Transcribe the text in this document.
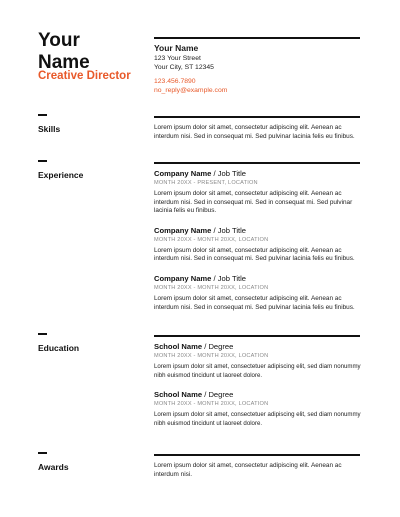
Your
Name
Creative Director
Your Name
123 Your Street
Your City, ST 12345
123.456.7890
no_reply@example.com
Skills	Lorem ipsum dolor sit amet, consectetur adipiscing elit. Aenean ac interdum nisi. Sed in consequat mi. Sed pulvinar lacinia felis eu finibus.
Experience	Company Name / Job Title
MONTH 20XX - PRESENT, LOCATION
Lorem ipsum dolor sit amet, consectetur adipiscing elit. Aenean ac interdum nisi. Sed in consequat mi. Sed in consequat mi. Sed pulvinar lacinia felis eu finibus.
Company Name / Job Title
MONTH 20XX - MONTH 20XX, LOCATION
Lorem ipsum dolor sit amet, consectetur adipiscing elit. Aenean ac interdum nisi. Sed in consequat mi. Sed pulvinar lacinia felis eu finibus.
Company Name / Job Title
MONTH 20XX - MONTH 20XX, LOCATION
Lorem ipsum dolor sit amet, consectetur adipiscing elit. Aenean ac interdum nisi. Sed in consequat mi. Sed pulvinar lacinia felis eu finibus.
Education	School Name / Degree
MONTH 20XX - MONTH 20XX, LOCATION
Lorem ipsum dolor sit amet, consectetuer adipiscing elit, sed diam nonummy nibh euismod tincidunt ut laoreet dolore.
School Name / Degree
MONTH 20XX - MONTH 20XX, LOCATION
Lorem ipsum dolor sit amet, consectetuer adipiscing elit, sed diam nonummy nibh euismod tincidunt ut laoreet dolore.
Awards	Lorem ipsum dolor sit amet, consectetur adipiscing elit. Aenean ac interdum nisi.
